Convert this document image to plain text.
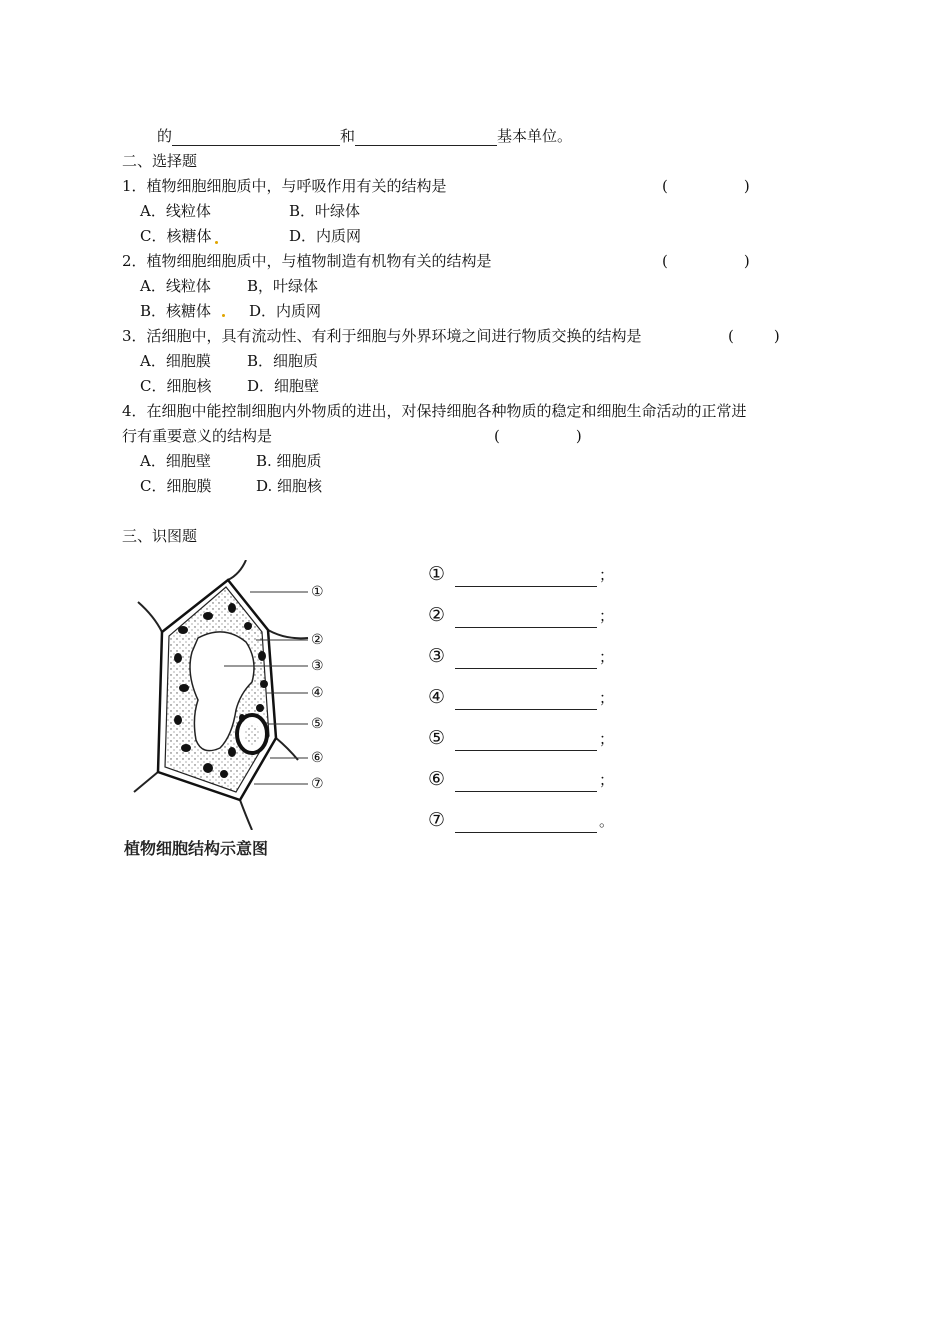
的	和	基本单位。
二、选择题
1．植物细胞细胞质中，与呼吸作用有关的结构是	(	)
A．线粒体	B．叶绿体
C．核糖体	D．内质网
2．植物细胞细胞质中，与植物制造有机物有关的结构是	(	)
A．线粒体 B，叶绿体
B．核糖体	D．内质网
3．活细胞中，具有流动性、有利于细胞与外界环境之间进行物质交换的结构是	(	)
A．细胞膜 B．细胞质
C．细胞核 D．细胞壁
4．在细胞中能控制细胞内外物质的进出，对保持细胞各种物质的稳定和细胞生命活动的正常进
行有重要意义的结构是	(	)
A．细胞壁	B. 细胞质
C．细胞膜	D. 细胞核
三、识图题
①
②
③
④
⑤
⑥
⑦
植物细胞结构示意图
①	；
②	；
③	；
④	；
⑤	；
⑥	；
⑦	。
